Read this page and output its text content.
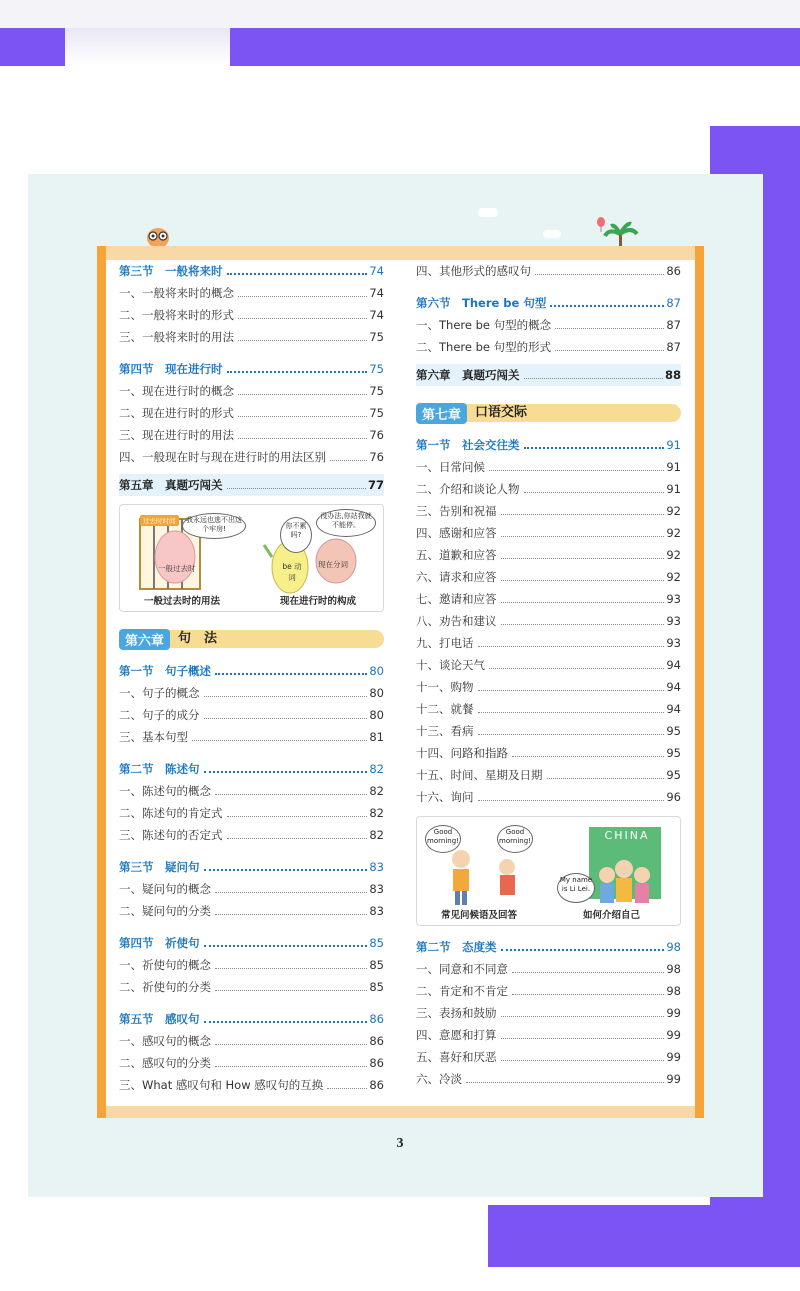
第三节　一般将来时	74
一、一般将来时的概念	74
二、一般将来时的形式	74
三、一般将来时的用法	75
第四节　现在进行时	75
一、现在进行时的概念	75
二、现在进行时的形式	75
三、现在进行时的用法	76
四、一般现在时与现在进行时的用法区别	76
第五章　真题巧闯关	77
过去时时间	我永远也逃不出这个牢房!	你不累吗?
没办法,你站我就不能停。
一般过去时	be 动词
现在分词
一般过去时的用法	现在进行时的构成
第六章	句　法
第一节　句子概述	80
一、句子的概念	80
二、句子的成分	80
三、基本句型	81
第二节　陈述句	82
一、陈述句的概念	82
二、陈述句的肯定式	82
三、陈述句的否定式	82
第三节　疑问句	83
一、疑问句的概念	83
二、疑问句的分类	83
第四节　祈使句	85
一、祈使句的概念	85
二、祈使句的分类	85
第五节　感叹句	86
一、感叹句的概念	86
二、感叹句的分类	86
三、What 感叹句和 How 感叹句的互换	86
四、其他形式的感叹句	86
第六节　There be 句型	87
一、There be 句型的概念	87
二、There be 句型的形式	87
第六章　真题巧闯关	88
第七章	口语交际
第一节　社会交往类	91
一、日常问候	91
二、介绍和谈论人物	91
三、告别和祝福	92
四、感谢和应答	92
五、道歉和应答	92
六、请求和应答	92
七、邀请和应答	93
八、劝告和建议	93
九、打电话	93
十、谈论天气	94
十一、购物	94
十二、就餐	94
十三、看病	95
十四、问路和指路	95
十五、时间、星期及日期	95
十六、询问	96
CHINA
Good morning!
Good morning!
My name is Li Lei.
常见问候语及回答	如何介绍自己
第二节　态度类	98
一、同意和不同意	98
二、肯定和不肯定	98
三、表扬和鼓励	99
四、意愿和打算	99
五、喜好和厌恶	99
六、冷淡	99
3
